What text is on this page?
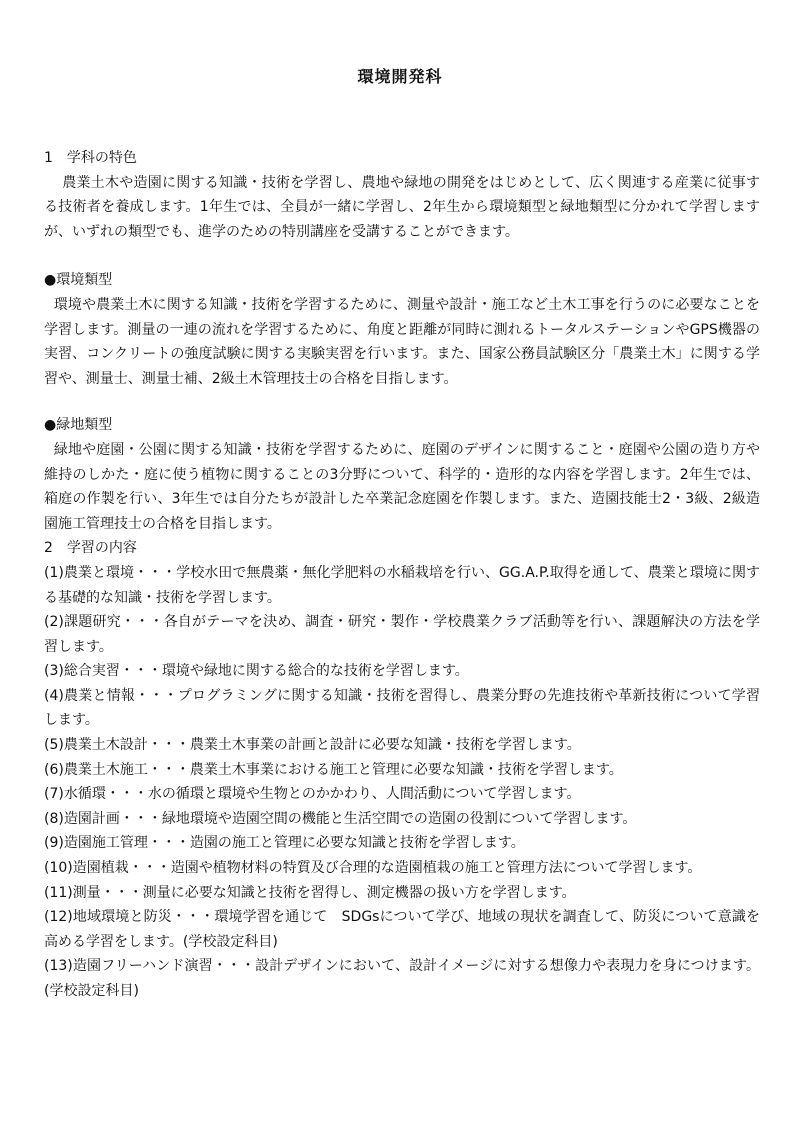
環境開発科
1　学科の特色
農業土木や造園に関する知識・技術を学習し、農地や緑地の開発をはじめとして、広く関連する産業に従事する技術者を養成します。1年生では、全員が一緒に学習し、2年生から環境類型と緑地類型に分かれて学習しますが、いずれの類型でも、進学のための特別講座を受講することができます。
●環境類型
環境や農業土木に関する知識・技術を学習するために、測量や設計・施工など土木工事を行うのに必要なことを学習します。測量の一連の流れを学習するために、角度と距離が同時に測れるトータルステーションやGPS機器の実習、コンクリートの強度試験に関する実験実習を行います。また、国家公務員試験区分「農業土木」に関する学習や、測量士、測量士補、2級土木管理技士の合格を目指します。
●緑地類型
緑地や庭園・公園に関する知識・技術を学習するために、庭園のデザインに関すること・庭園や公園の造り方や維持のしかた・庭に使う植物に関することの3分野について、科学的・造形的な内容を学習します。2年生では、箱庭の作製を行い、3年生では自分たちが設計した卒業記念庭園を作製します。また、造園技能士2・3級、2級造園施工管理技士の合格を目指します。
2　学習の内容
(1)農業と環境・・・学校水田で無農薬・無化学肥料の水稲栽培を行い、GG.A.P.取得を通して、農業と環境に関する基礎的な知識・技術を学習します。
(2)課題研究・・・各自がテーマを決め、調査・研究・製作・学校農業クラブ活動等を行い、課題解決の方法を学習します。
(3)総合実習・・・環境や緑地に関する総合的な技術を学習します。
(4)農業と情報・・・プログラミングに関する知識・技術を習得し、農業分野の先進技術や革新技術について学習します。
(5)農業土木設計・・・農業土木事業の計画と設計に必要な知識・技術を学習します。
(6)農業土木施工・・・農業土木事業における施工と管理に必要な知識・技術を学習します。
(7)水循環・・・水の循環と環境や生物とのかかわり、人間活動について学習します。
(8)造園計画・・・緑地環境や造園空間の機能と生活空間での造園の役割について学習します。
(9)造園施工管理・・・造園の施工と管理に必要な知識と技術を学習します。
(10)造園植栽・・・造園や植物材料の特質及び合理的な造園植栽の施工と管理方法について学習します。
(11)測量・・・測量に必要な知識と技術を習得し、測定機器の扱い方を学習します。
(12)地域環境と防災・・・環境学習を通じて　SDGsについて学び、地域の現状を調査して、防災について意識を高める学習をします。(学校設定科目)
(13)造園フリーハンド演習・・・設計デザインにおいて、設計イメージに対する想像力や表現力を身につけます。(学校設定科目)
